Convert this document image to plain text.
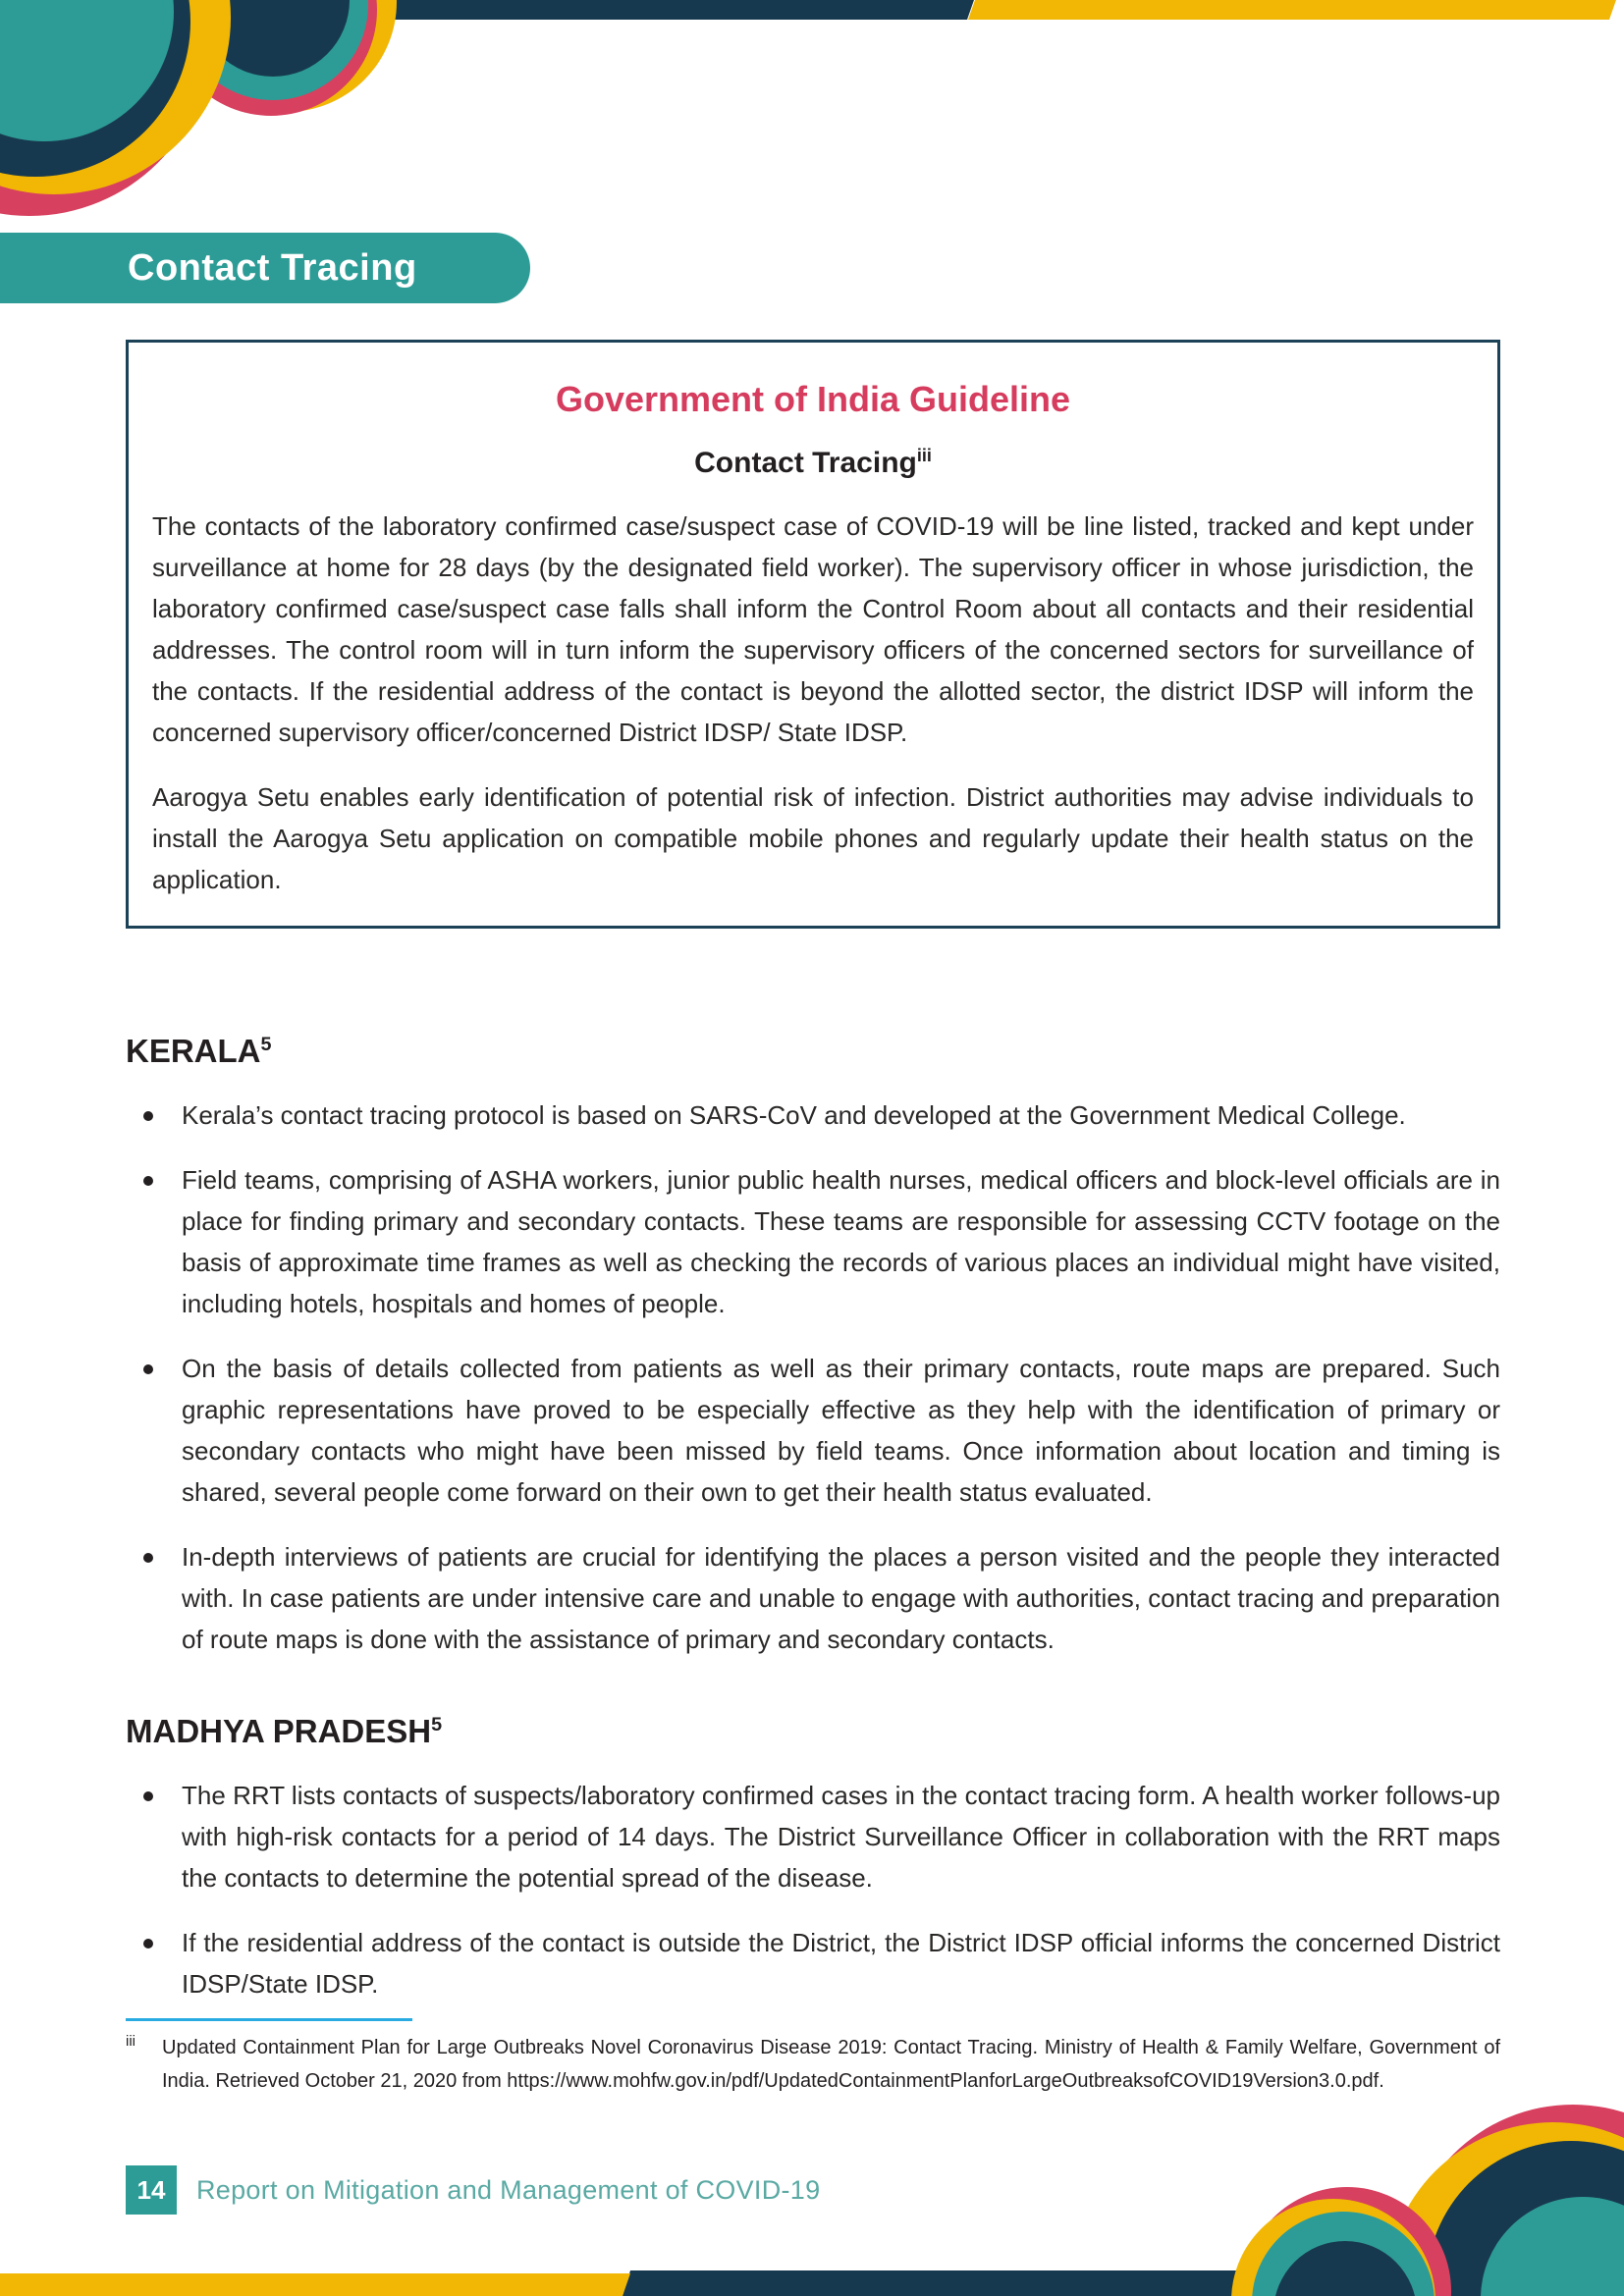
Contact Tracing
Government of India Guideline
Contact Tracing$^{iii}$

The contacts of the laboratory confirmed case/suspect case of COVID-19 will be line listed, tracked and kept under surveillance at home for 28 days (by the designated field worker). The supervisory officer in whose jurisdiction, the laboratory confirmed case/suspect case falls shall inform the Control Room about all contacts and their residential addresses. The control room will in turn inform the supervisory officers of the concerned sectors for surveillance of the contacts. If the residential address of the contact is beyond the allotted sector, the district IDSP will inform the concerned supervisory officer/concerned District IDSP/ State IDSP.

Aarogya Setu enables early identification of potential risk of infection. District authorities may advise individuals to install the Aarogya Setu application on compatible mobile phones and regularly update their health status on the application.

KERALA$^5$

Kerala’s contact tracing protocol is based on SARS-CoV and developed at the Government Medical College.

Field teams, comprising of ASHA workers, junior public health nurses, medical officers and block-level officials are in place for finding primary and secondary contacts. These teams are responsible for assessing CCTV footage on the basis of approximate time frames as well as checking the records of various places an individual might have visited, including hotels, hospitals and homes of people.

On the basis of details collected from patients as well as their primary contacts, route maps are prepared. Such graphic representations have proved to be especially effective as they help with the identification of primary or secondary contacts who might have been missed by field teams. Once information about location and timing is shared, several people come forward on their own to get their health status evaluated.

In-depth interviews of patients are crucial for identifying the places a person visited and the people they interacted with. In case patients are under intensive care and unable to engage with authorities, contact tracing and preparation of route maps is done with the assistance of primary and secondary contacts.

MADHYA PRADESH$^5$

The RRT lists contacts of suspects/laboratory confirmed cases in the contact tracing form. A health worker follows-up with high-risk contacts for a period of 14 days. The District Surveillance Officer in collaboration with the RRT maps the contacts to determine the potential spread of the disease.

If the residential address of the contact is outside the District, the District IDSP official informs the concerned District IDSP/State IDSP.

iii	Updated Containment Plan for Large Outbreaks Novel Coronavirus Disease 2019: Contact Tracing. Ministry of Health & Family Welfare, Government of India. Retrieved October 21, 2020 from https://www.mohfw.gov.in/pdf/UpdatedContainmentPlanforLargeOutbreaksofCOVID19Version3.0.pdf.

14 Report on Mitigation and Management of COVID-19
